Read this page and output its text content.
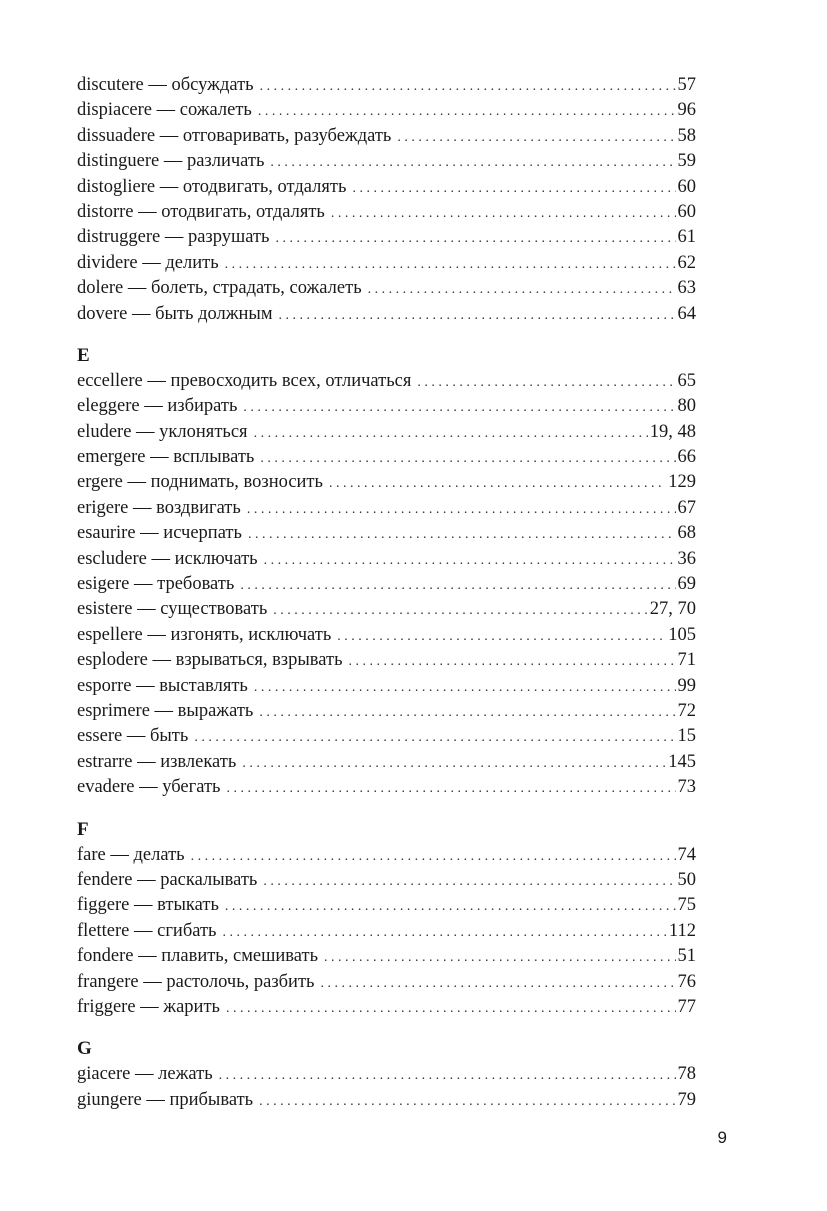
discutere — обсуждать . . .	57
dispiacere — сожалеть . . .	96
dissuadere — отговаривать, разубеждать . . .	58
distinguere — различать . . .	59
distogliere — отодвигать, отдалять . . .	60
distorre — отодвигать, отдалять . . .	60
distruggere — разрушать . . .	61
dividere — делить . . .	62
dolere — болеть, страдать, сожалеть . . .	63
dovere — быть должным . . .	64
E
eccellere — превосходить всех, отличаться . . .	65
eleggere — избирать . . .	80
eludere — уклоняться . . .	19, 48
emergere — всплывать . . .	66
ergere — поднимать, возносить . . .	129
erigere — воздвигать . . .	67
esaurire — исчерпать . . .	68
escludere — исключать . . .	36
esigere — требовать . . .	69
esistere — существовать . . .	27, 70
espellere — изгонять, исключать . . .	105
esplodere — взрываться, взрывать . . .	71
esporre — выставлять . . .	99
esprimere — выражать . . .	72
essere — быть . . .	15
estrarre — извлекать . . .	145
evadere — убегать . . .	73
F
fare — делать . . .	74
fendere — раскалывать . . .	50
figgere — втыкать . . .	75
flettere — сгибать . . .	112
fondere — плавить, смешивать . . .	51
frangere — растолочь, разбить . . .	76
friggere — жарить . . .	77
G
giacere — лежать . . .	78
giungere — прибывать . . .	79
9
